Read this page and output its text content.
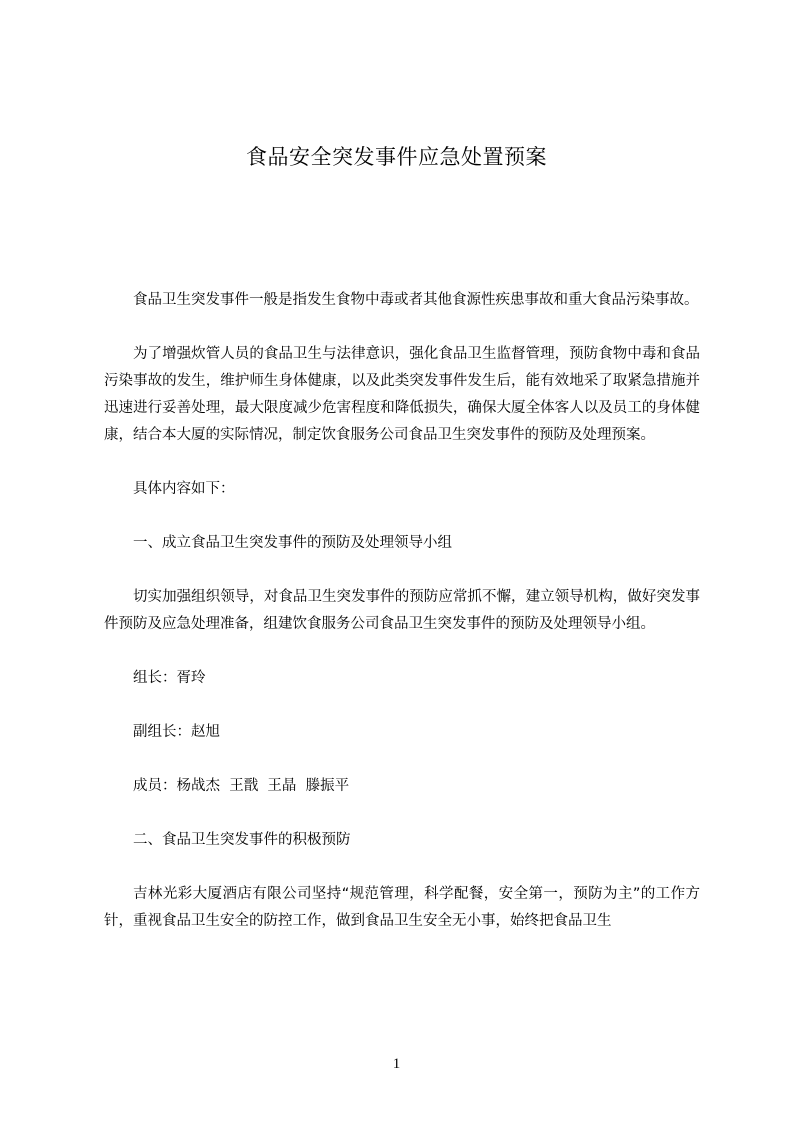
食品安全突发事件应急处置预案

食品卫生突发事件一般是指发生食物中毒或者其他食源性疾患事故和重大食品污染事故。

为了增强炊管人员的食品卫生与法律意识，强化食品卫生监督管理，预防食物中毒和食品污染事故的发生，维护师生身体健康，以及此类突发事件发生后，能有效地采了取紧急措施并迅速进行妥善处理，最大限度减少危害程度和降低损失，确保大厦全体客人以及员工的身体健康，结合本大厦的实际情况，制定饮食服务公司食品卫生突发事件的预防及处理预案。

具体内容如下：

一、成立食品卫生突发事件的预防及处理领导小组

切实加强组织领导，对食品卫生突发事件的预防应常抓不懈，建立领导机构，做好突发事件预防及应急处理准备，组建饮食服务公司食品卫生突发事件的预防及处理领导小组。

组长：胥玲

副组长：赵旭

成员：杨战杰  王戬  王晶  滕振平

二、食品卫生突发事件的积极预防

吉林光彩大厦酒店有限公司坚持“规范管理，科学配餐，安全第一，预防为主”的工作方针，重视食品卫生安全的防控工作，做到食品卫生安全无小事，始终把食品卫生

1
